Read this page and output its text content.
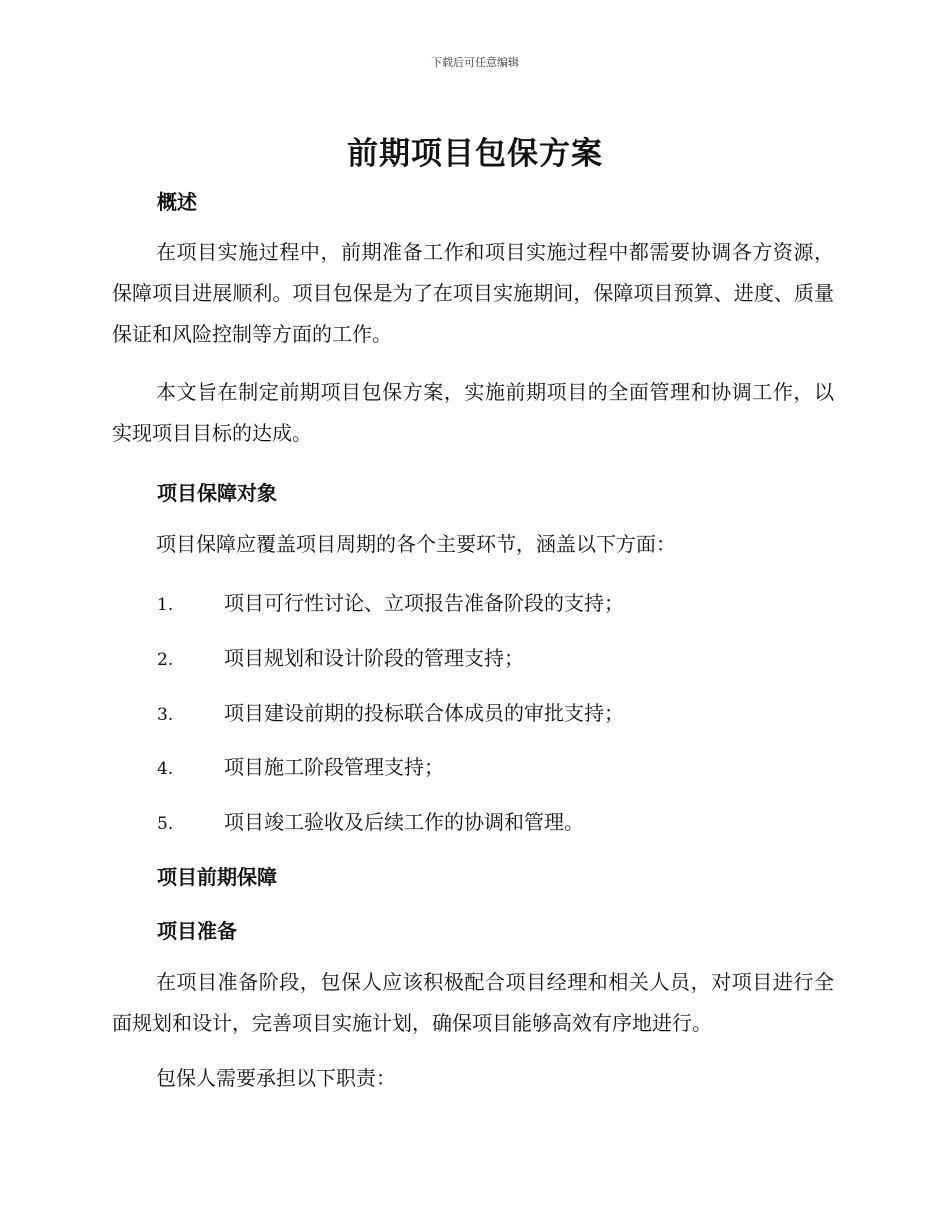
下载后可任意编辑
前期项目包保方案
概述

在项目实施过程中，前期准备工作和项目实施过程中都需要协调各方资源，保障项目进展顺利。项目包保是为了在项目实施期间，保障项目预算、进度、质量保证和风险控制等方面的工作。

本文旨在制定前期项目包保方案，实施前期项目的全面管理和协调工作，以实现项目目标的达成。

项目保障对象

项目保障应覆盖项目周期的各个主要环节，涵盖以下方面：

1.	项目可行性讨论、立项报告准备阶段的支持；
2.	项目规划和设计阶段的管理支持；
3.	项目建设前期的投标联合体成员的审批支持；
4.	项目施工阶段管理支持；
5.	项目竣工验收及后续工作的协调和管理。
项目前期保障
项目准备

在项目准备阶段，包保人应该积极配合项目经理和相关人员，对项目进行全面规划和设计，完善项目实施计划，确保项目能够高效有序地进行。

包保人需要承担以下职责：
